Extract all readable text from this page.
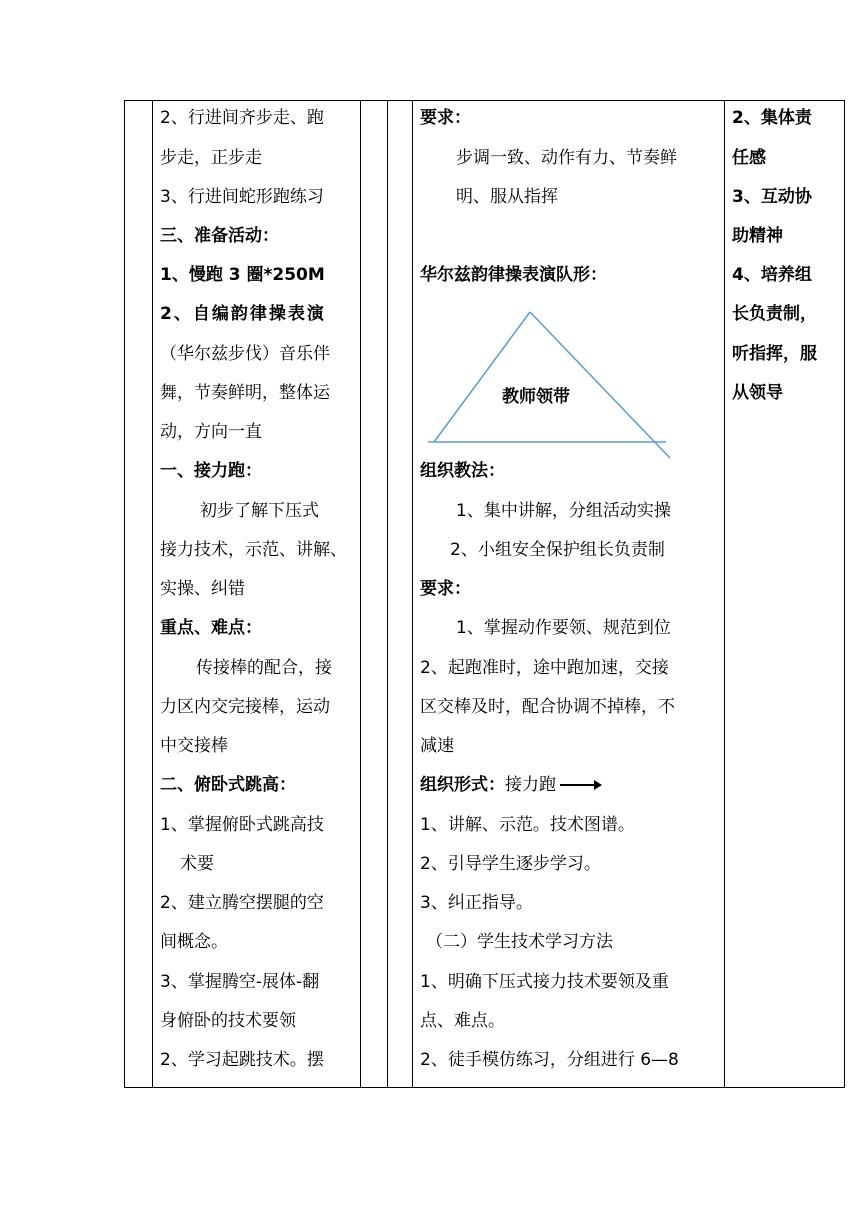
2、行进间齐步走、跑
步走，正步走
3、行进间蛇形跑练习
三、准备活动：
1、慢跑 3 圈*250M
2、自编韵律操表演
（华尔兹步伐）音乐伴
舞，节奏鲜明，整体运
动，方向一直
一、接力跑：
初步了解下压式
接力技术，示范、讲解、
实操、纠错
重点、难点：
传接棒的配合，接
力区内交完接棒，运动
中交接棒
二、俯卧式跳高：
1、掌握俯卧式跳高技
术要
2、建立腾空摆腿的空
间概念。
3、掌握腾空-展体-翻
身俯卧的技术要领
2、学习起跳技术。摆
要求：
步调一致、动作有力、节奏鲜
明、服从指挥
华尔兹韵律操表演队形：
组织教法：
1、集中讲解，分组活动实操
2、小组安全保护组长负责制
要求：
1、掌握动作要领、规范到位
2、起跑准时，途中跑加速，交接
区交棒及时，配合协调不掉棒，不
减速
组织形式：接力跑
1、讲解、示范。技术图谱。
2、引导学生逐步学习。
3、纠正指导。
（二）学生技术学习方法
1、明确下压式接力技术要领及重
点、难点。
2、徒手模仿练习，分组进行 6—8
教师领带
2、集体责
任感
3、互动协
助精神
4、培养组
长负责制，
听指挥，服
从领导
